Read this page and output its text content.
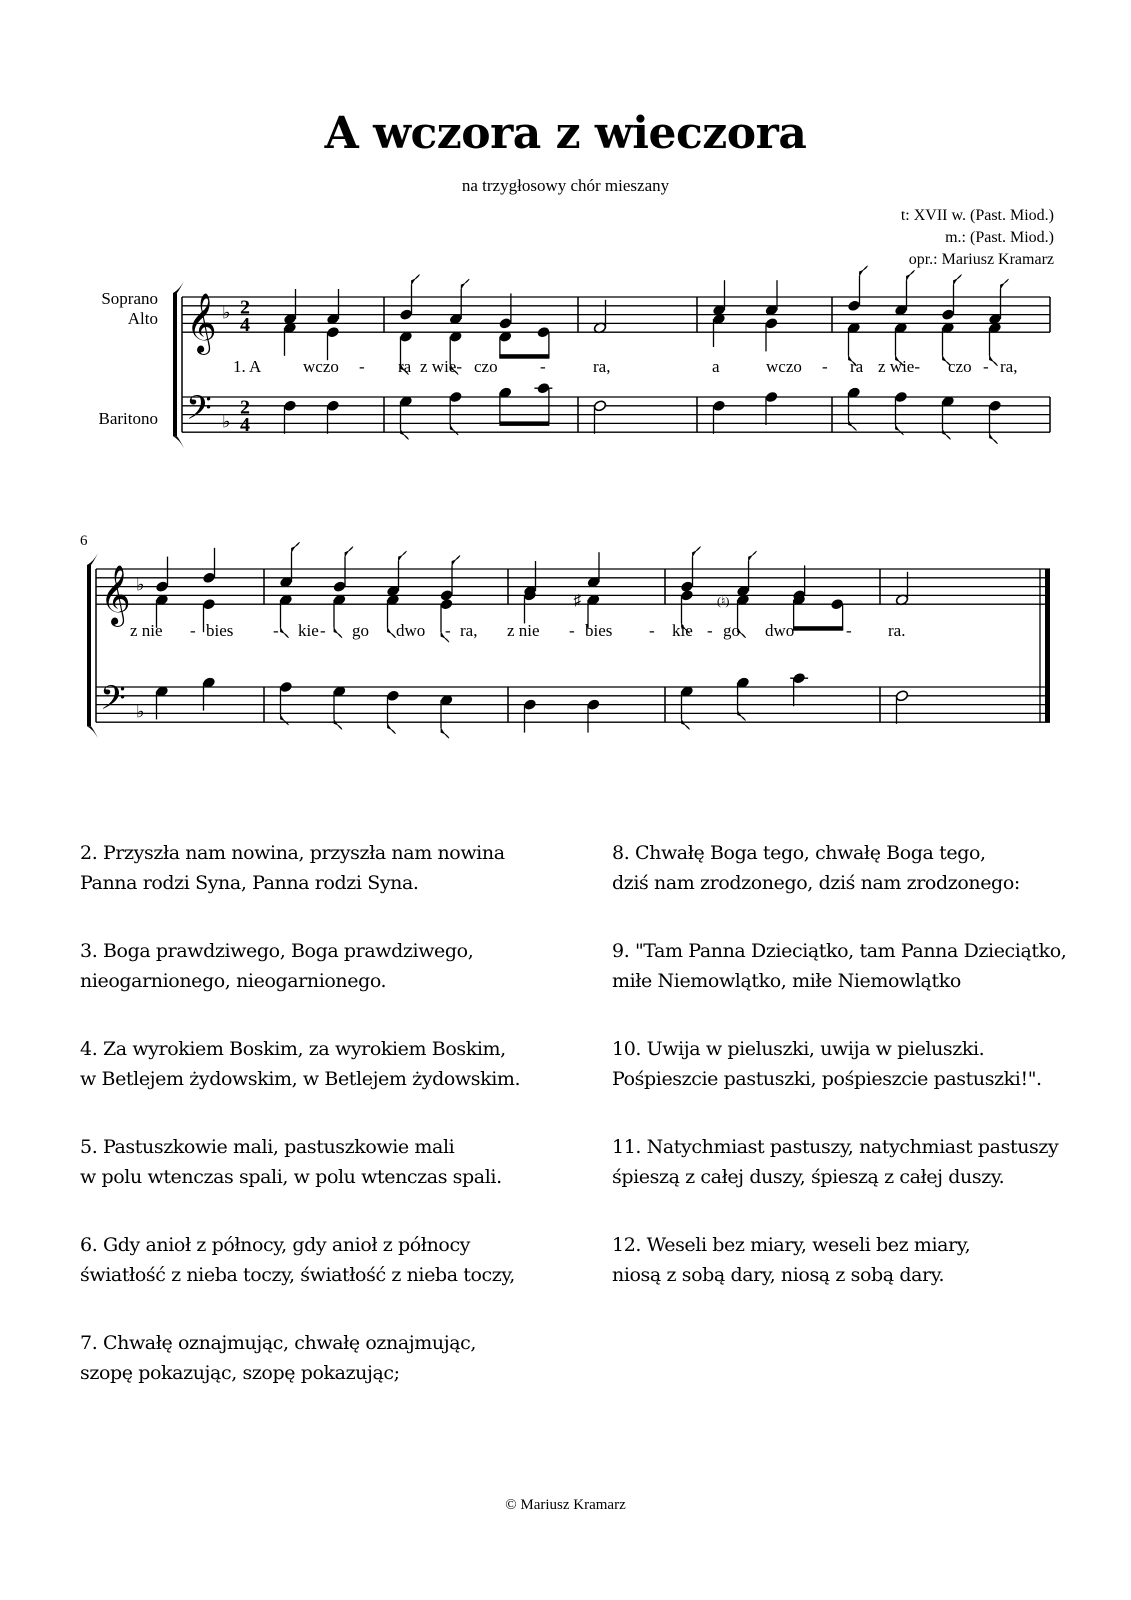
A wczora z wieczora
na trzygłosowy chór mieszany
t: XVII w. (Past. Miod.)
m.: (Past. Miod.)
opr.: Mariusz Kramarz
Soprano
Alto
Baritono
6
𝄞
𝄢
♭
♭
2
4
2
4
𝄞
𝄢
♭
♭
♯	(♮)
1. A wczo - ra z wie- czo -	ra,	a	wczo - ra z wie- czo - ra,
z nie - bies - kie - go dwo - ra, z nie - bies - kie - go dwo	- ra.
2. Przyszła nam nowina, przyszła nam nowina
Panna rodzi Syna, Panna rodzi Syna.
3. Boga prawdziwego, Boga prawdziwego,
nieogarnionego, nieogarnionego.
4. Za wyrokiem Boskim, za wyrokiem Boskim,
w Betlejem żydowskim, w Betlejem żydowskim.
5. Pastuszkowie mali, pastuszkowie mali
w polu wtenczas spali, w polu wtenczas spali.
6. Gdy anioł z północy, gdy anioł z północy
światłość z nieba toczy, światłość z nieba toczy,
7. Chwałę oznajmując, chwałę oznajmując,
szopę pokazując, szopę pokazując;
8. Chwałę Boga tego, chwałę Boga tego,
dziś nam zrodzonego, dziś nam zrodzonego:
9. "Tam Panna Dzieciątko, tam Panna Dzieciątko,
miłe Niemowlątko, miłe Niemowlątko
10. Uwija w pieluszki, uwija w pieluszki.
Pośpieszcie pastuszki, pośpieszcie pastuszki!".
11. Natychmiast pastuszy, natychmiast pastuszy
śpieszą z całej duszy, śpieszą z całej duszy.
12. Weseli bez miary, weseli bez miary,
niosą z sobą dary, niosą z sobą dary.
© Mariusz Kramarz
